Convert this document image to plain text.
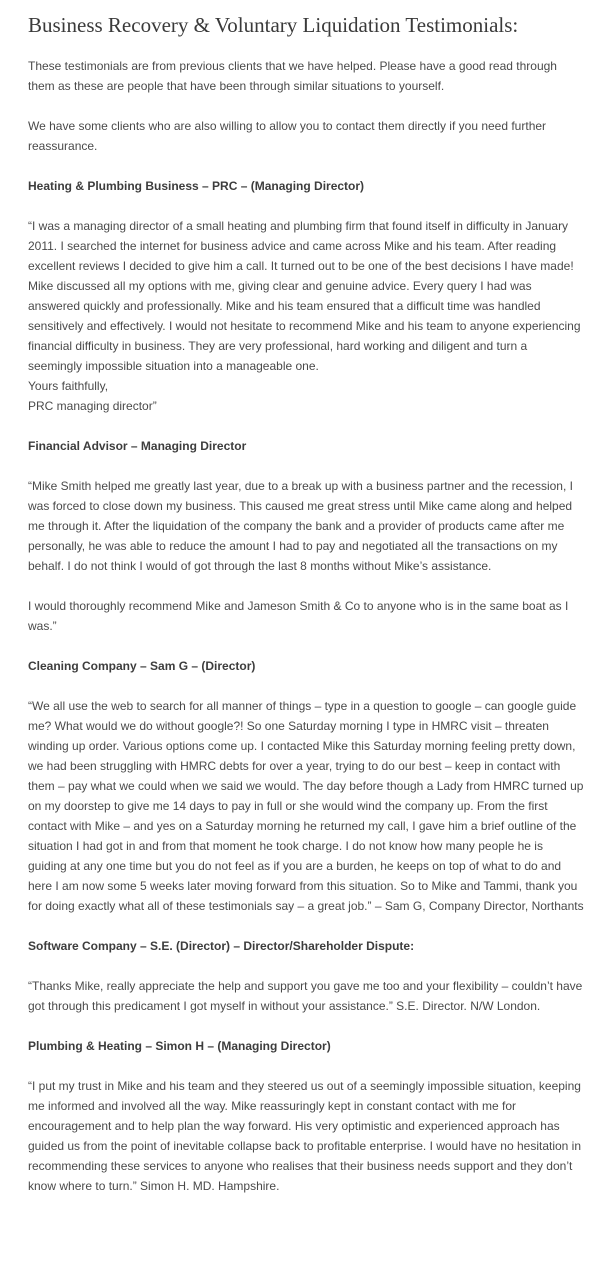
Business Recovery & Voluntary Liquidation Testimonials:

These testimonials are from previous clients that we have helped. Please have a good read through them as these are people that have been through similar situations to yourself.

We have some clients who are also willing to allow you to contact them directly if you need further reassurance.

Heating & Plumbing Business – PRC – (Managing Director)

“I was a managing director of a small heating and plumbing firm that found itself in difficulty in January 2011. I searched the internet for business advice and came across Mike and his team. After reading excellent reviews I decided to give him a call. It turned out to be one of the best decisions I have made!
Mike discussed all my options with me, giving clear and genuine advice. Every query I had was answered quickly and professionally. Mike and his team ensured that a difficult time was handled sensitively and effectively. I would not hesitate to recommend Mike and his team to anyone experiencing financial difficulty in business. They are very professional, hard working and diligent and turn a seemingly impossible situation into a manageable one.
Yours faithfully,
PRC managing director”

Financial Advisor – Managing Director

“Mike Smith helped me greatly last year, due to a break up with a business partner and the recession, I was forced to close down my business. This caused me great stress until Mike came along and helped me through it. After the liquidation of the company the bank and a provider of products came after me personally, he was able to reduce the amount I had to pay and negotiated all the transactions on my behalf. I do not think I would of got through the last 8 months without Mike’s assistance.

I would thoroughly recommend Mike and Jameson Smith & Co to anyone who is in the same boat as I was.”

Cleaning Company – Sam G – (Director)

“We all use the web to search for all manner of things – type in a question to google – can google guide me? What would we do without google?! So one Saturday morning I type in HMRC visit – threaten winding up order. Various options come up. I contacted Mike this Saturday morning feeling pretty down, we had been struggling with HMRC debts for over a year, trying to do our best – keep in contact with them – pay what we could when we said we would. The day before though a Lady from HMRC turned up on my doorstep to give me 14 days to pay in full or she would wind the company up. From the first contact with Mike – and yes on a Saturday morning he returned my call, I gave him a brief outline of the situation I had got in and from that moment he took charge. I do not know how many people he is guiding at any one time but you do not feel as if you are a burden, he keeps on top of what to do and here I am now some 5 weeks later moving forward from this situation. So to Mike and Tammi, thank you for doing exactly what all of these testimonials say – a great job.” – Sam G, Company Director, Northants

Software Company – S.E. (Director) – Director/Shareholder Dispute:

“Thanks Mike, really appreciate the help and support you gave me too and your flexibility – couldn’t have got through this predicament I got myself in without your assistance.” S.E. Director. N/W London.

Plumbing & Heating – Simon H – (Managing Director)

“I put my trust in Mike and his team and they steered us out of a seemingly impossible situation, keeping me informed and involved all the way. Mike reassuringly kept in constant contact with me for encouragement and to help plan the way forward. His very optimistic and experienced approach has guided us from the point of inevitable collapse back to profitable enterprise. I would have no hesitation in recommending these services to anyone who realises that their business needs support and they don’t know where to turn.” Simon H. MD. Hampshire.
